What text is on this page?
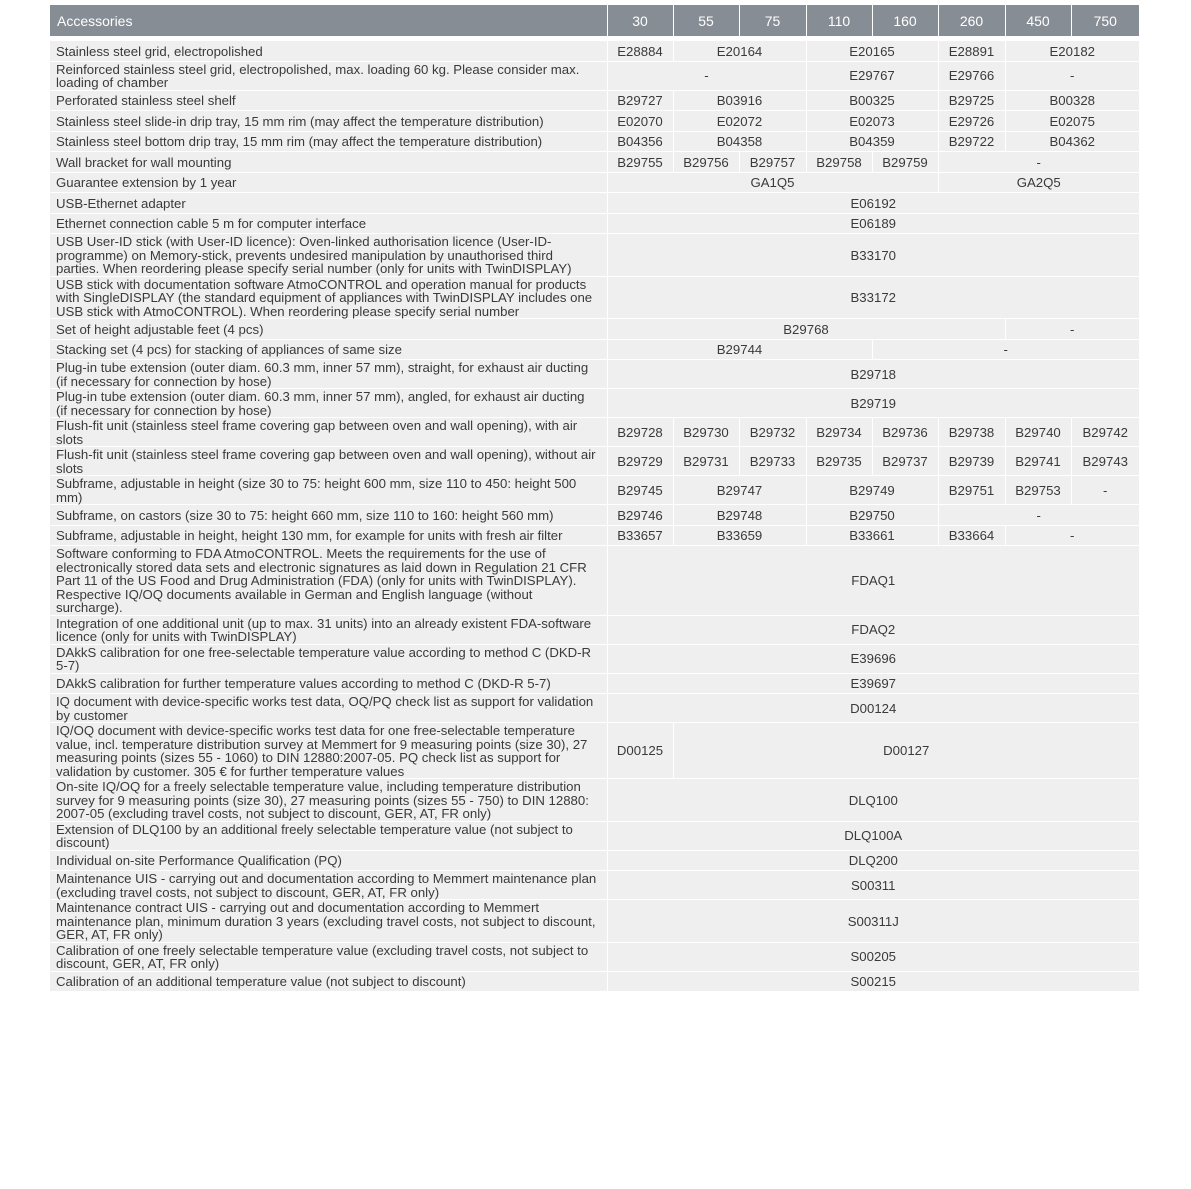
Accessories	30	55	75	110	160	260	450	750

Stainless steel grid, electropolished	E28884	E20164		E20165		E28891	E20182	
Reinforced stainless steel grid, electropolished, max. loading 60 kg. Please consider max. loading of chamber	-			E29767		E29766	-	
Perforated stainless steel shelf	B29727	B03916		B00325		B29725	B00328	
Stainless steel slide-in drip tray, 15 mm rim (may affect the temperature distribution)	E02070	E02072		E02073		E29726	E02075	
Stainless steel bottom drip tray, 15 mm rim (may affect the temperature distribution)	B04356	B04358		B04359		B29722	B04362	
Wall bracket for wall mounting	B29755	B29756	B29757	B29758	B29759	-		
Guarantee extension by 1 year	GA1Q5					GA2Q5		
USB-Ethernet adapter	E06192							
Ethernet connection cable 5 m for computer interface	E06189							
USB User-ID stick (with User-ID licence): Oven-linked authorisation licence (User-ID-programme) on Memory-stick, prevents undesired manipulation by unauthorised third parties. When reordering please specify serial number (only for units with TwinDISPLAY)	B33170							
USB stick with documentation software AtmoCONTROL and operation manual for products with SingleDISPLAY (the standard equipment of appliances with TwinDISPLAY includes one USB stick with AtmoCONTROL). When reordering please specify serial number	B33172							
Set of height adjustable feet (4 pcs)	B29768						-	
Stacking set (4 pcs) for stacking of appliances of same size	B29744				-			
Plug-in tube extension (outer diam. 60.3 mm, inner 57 mm), straight, for exhaust air ducting (if necessary for connection by hose)	B29718							
Plug-in tube extension (outer diam. 60.3 mm, inner 57 mm), angled, for exhaust air ducting (if necessary for connection by hose)	B29719							
Flush-fit unit (stainless steel frame covering gap between oven and wall opening), with air slots	B29728	B29730	B29732	B29734	B29736	B29738	B29740	B29742
Flush-fit unit (stainless steel frame covering gap between oven and wall opening), without air slots	B29729	B29731	B29733	B29735	B29737	B29739	B29741	B29743
Subframe, adjustable in height (size 30 to 75: height 600 mm, size 110 to 450: height 500 mm)	B29745	B29747		B29749		B29751	B29753	-
Subframe, on castors (size 30 to 75: height 660 mm, size 110 to 160: height 560 mm)	B29746	B29748		B29750		-		
Subframe, adjustable in height, height 130 mm, for example for units with fresh air filter	B33657	B33659		B33661		B33664	-	
Software conforming to FDA AtmoCONTROL. Meets the requirements for the use of electronically stored data sets and electronic signatures as laid down in Regulation 21 CFR Part 11 of the US Food and Drug Administration (FDA) (only for units with TwinDISPLAY). Respective IQ/OQ documents available in German and English language (without surcharge).	FDAQ1							
Integration of one additional unit (up to max. 31 units) into an already existent FDA-software licence (only for units with TwinDISPLAY)	FDAQ2							
DAkkS calibration for one free-selectable temperature value according to method C (DKD-R 5-7)	E39696							
DAkkS calibration for further temperature values according to method C (DKD-R 5-7)	E39697							
IQ document with device-specific works test data, OQ/PQ check list as support for validation by customer	D00124							
IQ/OQ document with device-specific works test data for one free-selectable temperature value, incl. temperature distribution survey at Memmert for 9 measuring points (size 30), 27 measuring points (sizes 55 - 1060) to DIN 12880:2007-05. PQ check list as support for validation by customer. 305 € for further temperature values	D00125	D00127						
On-site IQ/OQ for a freely selectable temperature value, including temperature distribution survey for 9 measuring points (size 30), 27 measuring points (sizes 55 - 750) to DIN 12880: 2007-05 (excluding travel costs, not subject to discount, GER, AT, FR only)	DLQ100							
Extension of DLQ100 by an additional freely selectable temperature value (not subject to discount)	DLQ100A							
Individual on-site Performance Qualification (PQ)	DLQ200							
Maintenance UIS - carrying out and documentation according to Memmert maintenance plan (excluding travel costs, not subject to discount, GER, AT, FR only)	S00311							
Maintenance contract UIS - carrying out and documentation according to Memmert maintenance plan, minimum duration 3 years (excluding travel costs, not subject to discount, GER, AT, FR only)	S00311J							
Calibration of one freely selectable temperature value (excluding travel costs, not subject to discount, GER, AT, FR only)	S00205							
Calibration of an additional temperature value (not subject to discount)	S00215							
